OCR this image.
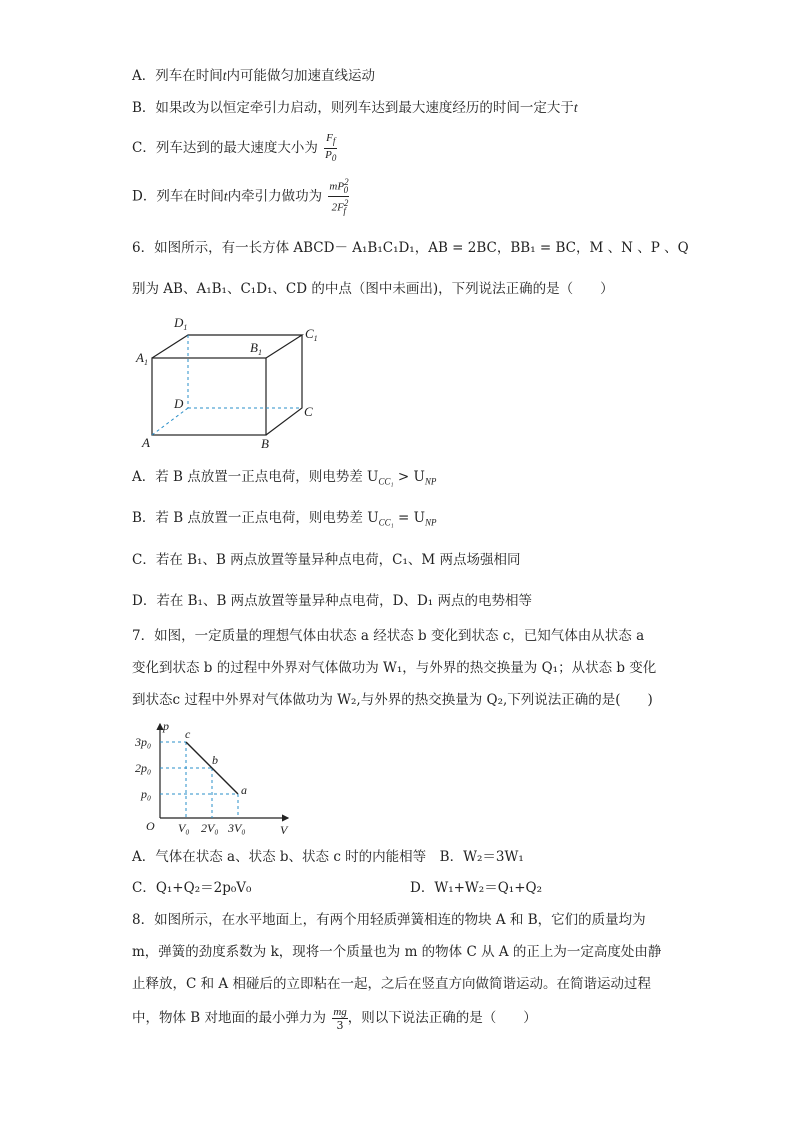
A．列车在时间t内可能做匀加速直线运动
B．如果改为以恒定牵引力启动，则列车达到最大速度经历的时间一定大于t
C．列车达到的最大速度大小为 $\frac{F_f}{P_0}$
D．列车在时间t内牵引力做功为 $\frac{mP^2_0}{2F^2_f}$
6．如图所示，有一长方体 ABCD－ A₁B₁C₁D₁，AB = 2BC，BB₁ = BC，M 、N 、P 、Q
别为 AB、A₁B₁、C₁D₁、CD 的中点（图中未画出)，下列说法正确的是（　　）
$D_1$
$A_1$
$B_1$
$C_1$
D
C
A	B
A．若 B 点放置一正点电荷，则电势差 $U_{CC_1} > U_{NP}$
B．若 B 点放置一正点电荷，则电势差 $U_{CC_1} = U_{NP}$
C．若在 B₁、B 两点放置等量异种点电荷，C₁、M 两点场强相同
D．若在 B₁、B 两点放置等量异种点电荷，D、D₁ 两点的电势相等
7．如图，一定质量的理想气体由状态 a 经状态 b 变化到状态 c，已知气体由从状态 a
变化到状态 b 的过程中外界对气体做功为 W₁，与外界的热交换量为 Q₁；从状态 b 变化
到状态c 过程中外界对气体做功为 W₂,与外界的热交换量为 Q₂,下列说法正确的是(　　)
p
V
O
3p₀
2p₀
p₀
V₀ 2V₀ 3V₀
c
b
a
A．气体在状态 a、状态 b、状态 c 时的内能相等　B．W₂＝3W₁
C．Q₁+Q₂＝2p₀V₀	D．W₁+W₂＝Q₁+Q₂
8．如图所示，在水平地面上，有两个用轻质弹簧相连的物块 A 和 B，它们的质量均为
m，弹簧的劲度系数为 k，现将一个质量也为 m 的物体 C 从 A 的正上为一定高度处由静
止释放，C 和 A 相碰后的立即粘在一起，之后在竖直方向做简谐运动。在简谐运动过程
中，物体 B 对地面的最小弹力为 $\frac{mg}{3}$ ，则以下说法正确的是（　　）
